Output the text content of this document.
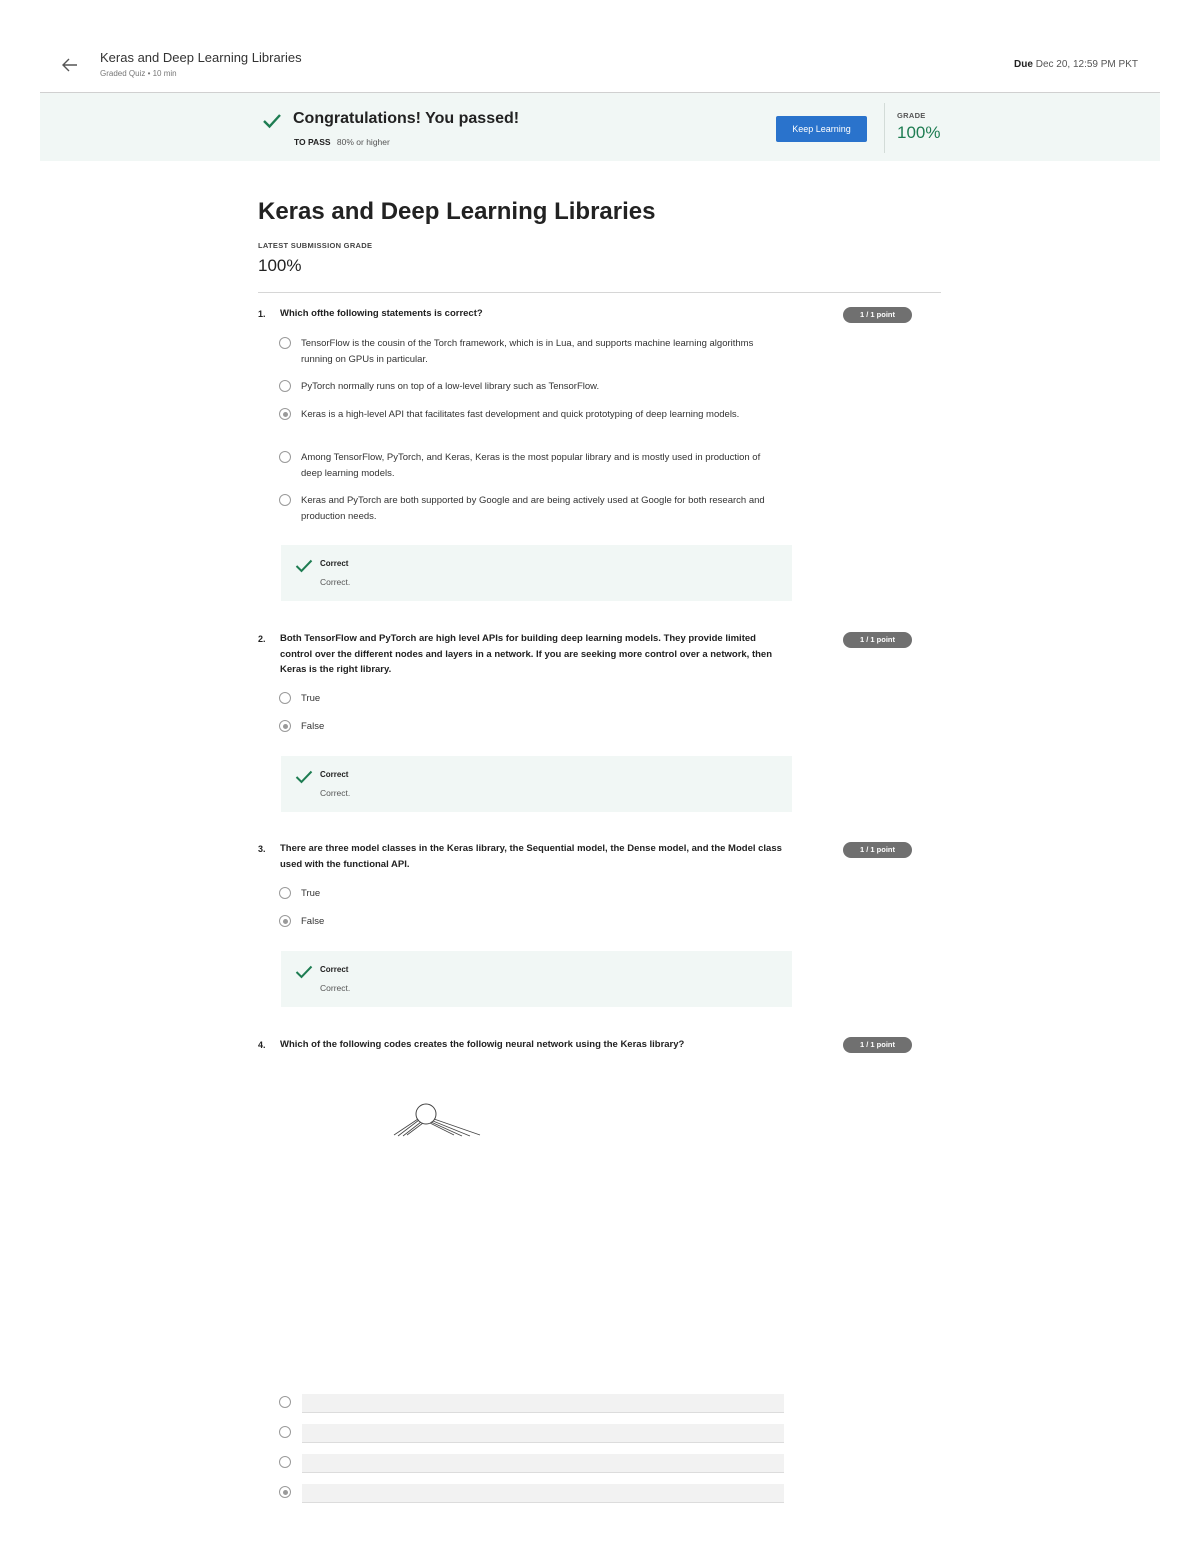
Keras and Deep Learning Libraries
Graded Quiz • 10 min
Due Dec 20, 12:59 PM PKT
Congratulations! You passed!
TO PASS 80% or higher
Keep Learning
GRADE
100%
Keras and Deep Learning Libraries
LATEST SUBMISSION GRADE
100%
1. Which ofthe following statements is correct?	1 / 1 point
TensorFlow is the cousin of the Torch framework, which is in Lua, and supports machine learning algorithms running on GPUs in particular.
PyTorch normally runs on top of a low-level library such as TensorFlow.
Keras is a high-level API that facilitates fast development and quick prototyping of deep learning models.
Among TensorFlow, PyTorch, and Keras, Keras is the most popular library and is mostly used in production of deep learning models.
Keras and PyTorch are both supported by Google and are being actively used at Google for both research and production needs.
Correct
Correct.
2. Both TensorFlow and PyTorch are high level APIs for building deep learning models. They provide limited control over the different nodes and layers in a network. If you are seeking more control over a network, then Keras is the right library.
1 / 1 point
True
False
Correct
Correct.
3. There are three model classes in the Keras library, the Sequential model, the Dense model, and the Model class used with the functional API.
1 / 1 point
True
False
Correct
Correct.
4. Which of the following codes creates the followig neural network using the Keras library?	1 / 1 point
